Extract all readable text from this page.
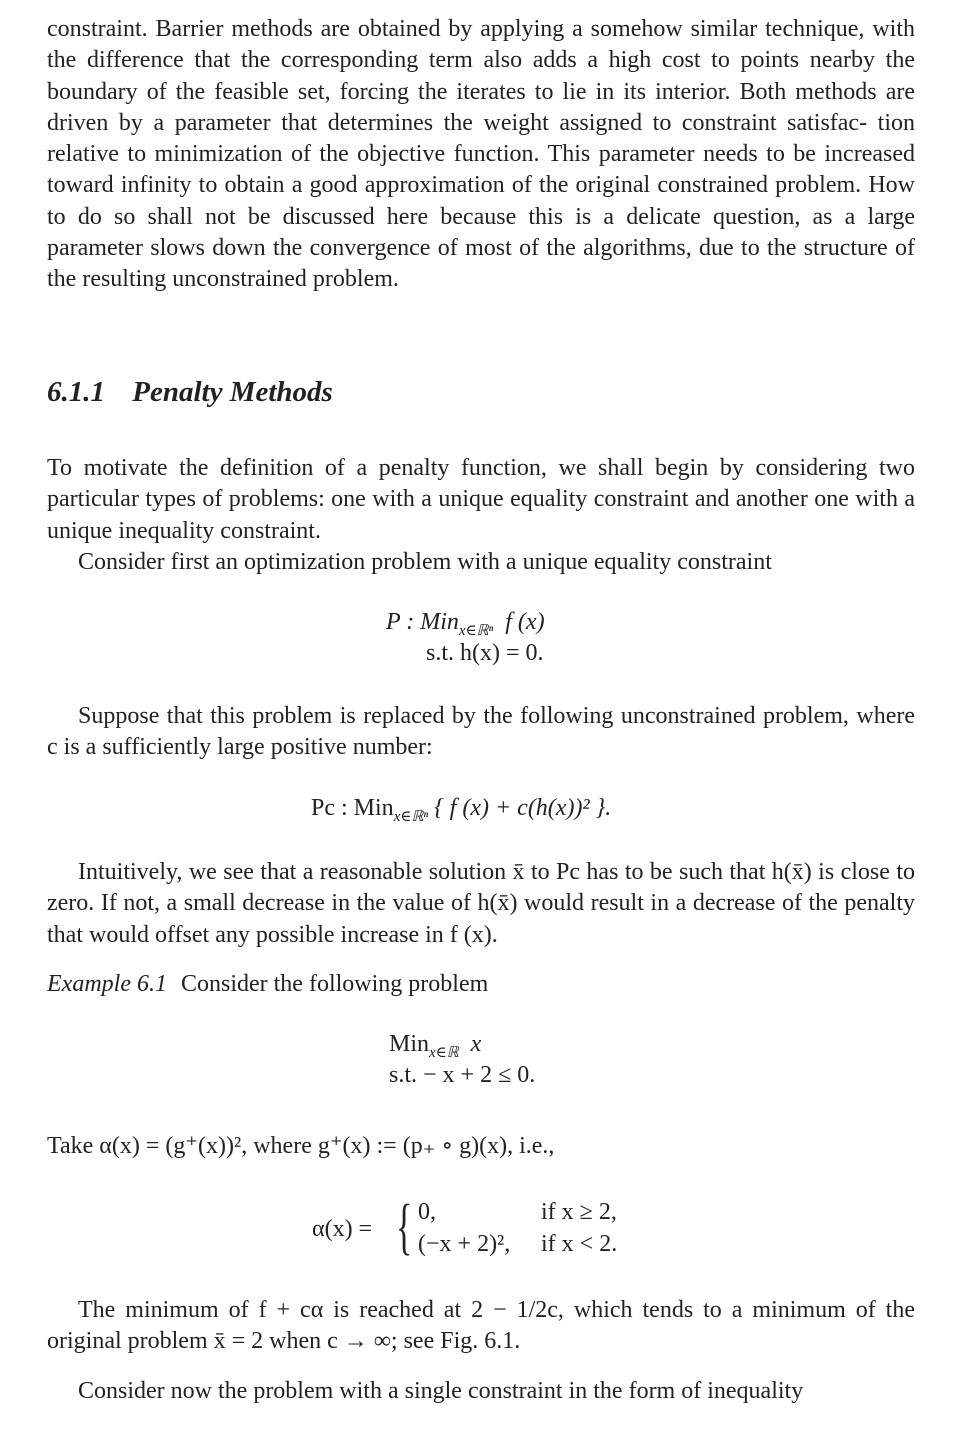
constraint. Barrier methods are obtained by applying a somehow similar technique, with the difference that the corresponding term also adds a high cost to points nearby the boundary of the feasible set, forcing the iterates to lie in its interior. Both methods are driven by a parameter that determines the weight assigned to constraint satisfac- tion relative to minimization of the objective function. This parameter needs to be increased toward infinity to obtain a good approximation of the original constrained problem. How to do so shall not be discussed here because this is a delicate question, as a large parameter slows down the convergence of most of the algorithms, due to the structure of the resulting unconstrained problem.

6.1.1 Penalty Methods

To motivate the definition of a penalty function, we shall begin by considering two particular types of problems: one with a unique equality constraint and another one with a unique inequality constraint.

Consider first an optimization problem with a unique equality constraint

P : Min$_{x\in ℝ^n}$ f (x)
s.t. h(x) = 0.

Suppose that this problem is replaced by the following unconstrained problem, where c is a sufficiently large positive number:

Pc : Min$_{x\in ℝ^n}$ { f (x) + c(h(x))² }.

Intuitively, we see that a reasonable solution x̄ to Pc has to be such that h(x̄) is close to zero. If not, a small decrease in the value of h(x̄) would result in a decrease of the penalty that would offset any possible increase in f (x).

Example 6.1 Consider the following problem

Min$_{x\in ℝ}$ x
s.t. − x + 2 ≤ 0.

Take α(x) = (g⁺(x))², where g⁺(x) := (p₊ ∘ g)(x), i.e.,

α(x) = { 0,	if x ≥ 2,
(−x + 2)², if x < 2.

The minimum of f + cα is reached at 2 − 1/2c, which tends to a minimum of the original problem x̄ = 2 when c → ∞; see Fig. 6.1.

Consider now the problem with a single constraint in the form of inequality
